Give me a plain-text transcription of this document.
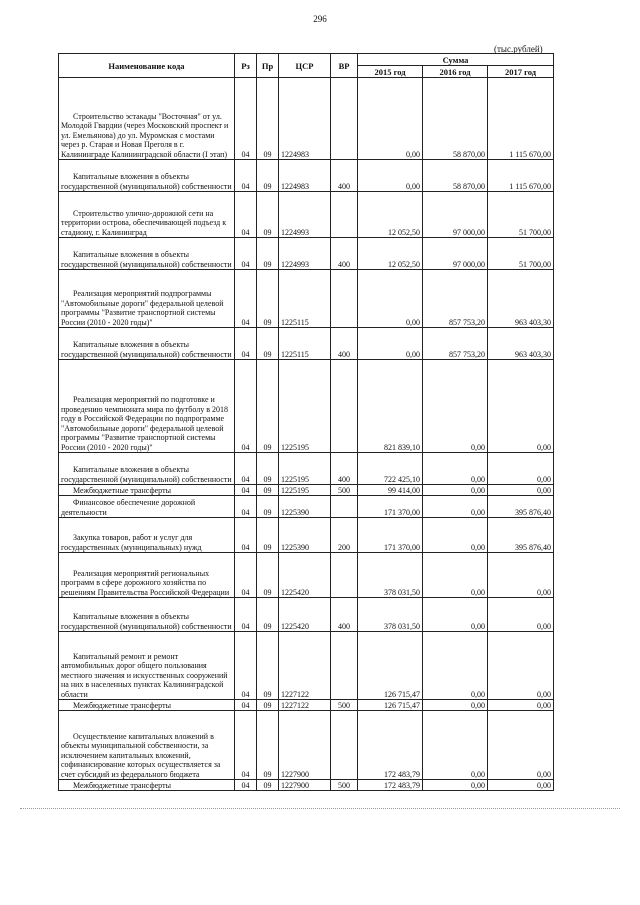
296
(тыс.рублей)
Наименование кода	Рз	Пр	ЦСР	ВР	Сумма		
					2015 год	2016 год	2017 год
Строительство эстакады "Восточная" от ул. Молодой Гвардии (через Московский проспект и ул. Емельянова) до ул. Муромская с мостами через р. Старая и Новая Преголя в г. Калининграде Калининградской области (I этап)	04	09	1224983		0,00	58 870,00	1 115 670,00
Капитальные вложения в объекты государственной (муниципальной) собственности	04	09	1224983	400	0,00	58 870,00	1 115 670,00
Строительство улично-дорожной сети на территории острова, обеспечивающей подъезд к стадиону, г. Калининград	04	09	1224993		12 052,50	97 000,00	51 700,00
Капитальные вложения в объекты государственной (муниципальной) собственности	04	09	1224993	400	12 052,50	97 000,00	51 700,00
Реализация мероприятий подпрограммы "Автомобильные дороги" федеральной целевой программы "Развитие транспортной системы России (2010 - 2020 годы)"	04	09	1225115		0,00	857 753,20	963 403,30
Капитальные вложения в объекты государственной (муниципальной) собственности	04	09	1225115	400	0,00	857 753,20	963 403,30
Реализация мероприятий по подготовке и проведению чемпионата мира по футболу в 2018 году в Российской Федерации по подпрограмме "Автомобильные дороги" федеральной целевой программы "Развитие транспортной системы России (2010 - 2020 годы)"	04	09	1225195		821 839,10	0,00	0,00
Капитальные вложения в объекты государственной (муниципальной) собственности	04	09	1225195	400	722 425,10	0,00	0,00
Межбюджетные трансферты	04	09	1225195	500	99 414,00	0,00	0,00
Финансовое обеспечение дорожной деятельности	04	09	1225390		171 370,00	0,00	395 876,40
Закупка товаров, работ и услуг для государственных (муниципальных) нужд	04	09	1225390	200	171 370,00	0,00	395 876,40
Реализация мероприятий региональных программ в сфере дорожного хозяйства по решениям Правительства Российской Федерации	04	09	1225420		378 031,50	0,00	0,00
Капитальные вложения в объекты государственной (муниципальной) собственности	04	09	1225420	400	378 031,50	0,00	0,00
Капитальный ремонт и ремонт автомобильных дорог общего пользования местного значения и искусственных сооружений на них в населенных пунктах Калининградской области	04	09	1227122		126 715,47	0,00	0,00
Межбюджетные трансферты	04	09	1227122	500	126 715,47	0,00	0,00
Осуществление капитальных вложений в объекты муниципальной собственности, за исключением капитальных вложений, софинансирование которых осуществляется за счет субсидий из федерального бюджета	04	09	1227900		172 483,79	0,00	0,00
Межбюджетные трансферты	04	09	1227900	500	172 483,79	0,00	0,00
